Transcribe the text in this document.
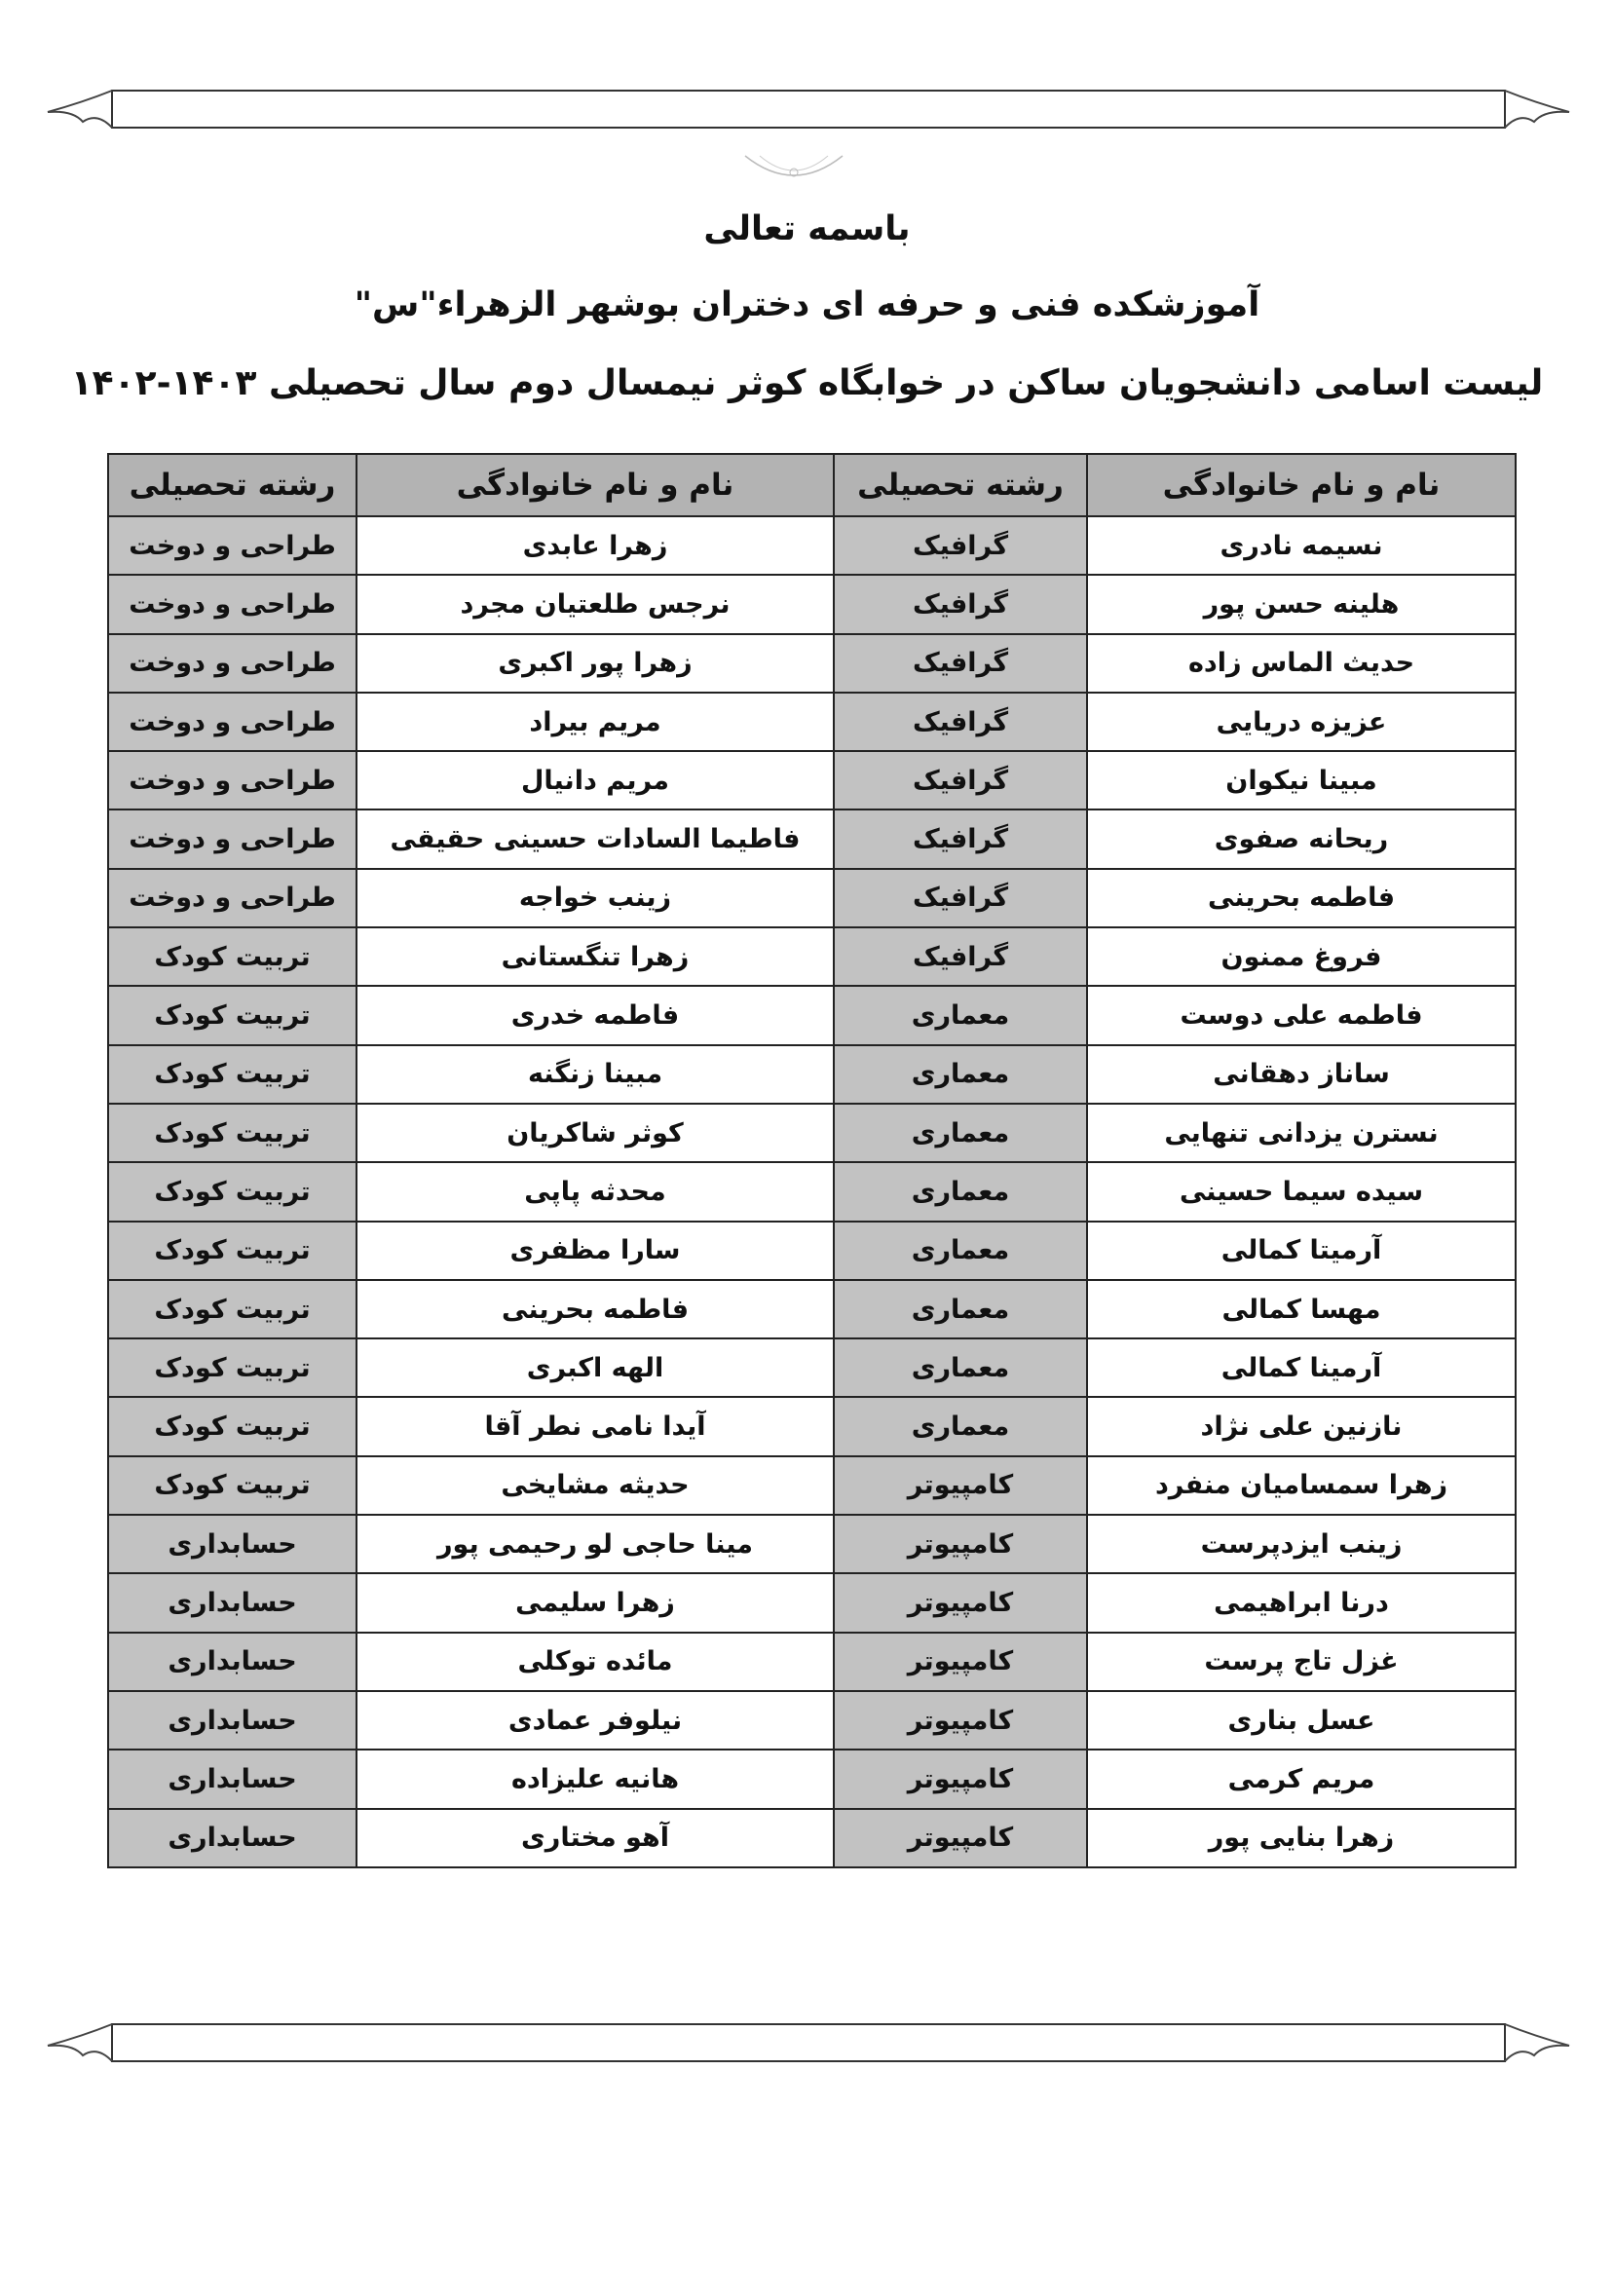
باسمه تعالی
آموزشکده فنی و حرفه ای دختران بوشهر الزهراء"س"
لیست اسامی دانشجویان ساکن در خوابگاه کوثر نیمسال دوم سال تحصیلی ۱۴۰۳-۱۴۰۲
نام و نام خانوادگی	رشته تحصیلی	نام و نام خانوادگی	رشته تحصیلی
نسیمه نادری	گرافیک	زهرا عابدی	طراحی و دوخت
هلینه حسن پور	گرافیک	نرجس طلعتیان مجرد	طراحی و دوخت
حدیث الماس زاده	گرافیک	زهرا پور اکبری	طراحی و دوخت
عزیزه دریایی	گرافیک	مریم بیراد	طراحی و دوخت
مبینا نیکوان	گرافیک	مریم دانیال	طراحی و دوخت
ریحانه صفوی	گرافیک	فاطیما السادات حسینی حقیقی	طراحی و دوخت
فاطمه بحرینی	گرافیک	زینب خواجه	طراحی و دوخت
فروغ ممنون	گرافیک	زهرا تنگستانی	تربیت کودک
فاطمه علی دوست	معماری	فاطمه خدری	تربیت کودک
ساناز دهقانی	معماری	مبینا زنگنه	تربیت کودک
نسترن یزدانی تنهایی	معماری	کوثر شاکریان	تربیت کودک
سیده سیما حسینی	معماری	محدثه پاپی	تربیت کودک
آرمیتا کمالی	معماری	سارا مظفری	تربیت کودک
مهسا کمالی	معماری	فاطمه بحرینی	تربیت کودک
آرمینا کمالی	معماری	الهه اکبری	تربیت کودک
نازنین علی نژاد	معماری	آیدا نامی نطر آقا	تربیت کودک
زهرا سمسامیان منفرد	کامپیوتر	حدیثه مشایخی	تربیت کودک
زینب ایزدپرست	کامپیوتر	مینا حاجی لو رحیمی پور	حسابداری
درنا ابراهیمی	کامپیوتر	زهرا سلیمی	حسابداری
غزل تاج پرست	کامپیوتر	مائده توکلی	حسابداری
عسل بناری	کامپیوتر	نیلوفر عمادی	حسابداری
مریم کرمی	کامپیوتر	هانیه علیزاده	حسابداری
زهرا بنایی پور	کامپیوتر	آهو مختاری	حسابداری
